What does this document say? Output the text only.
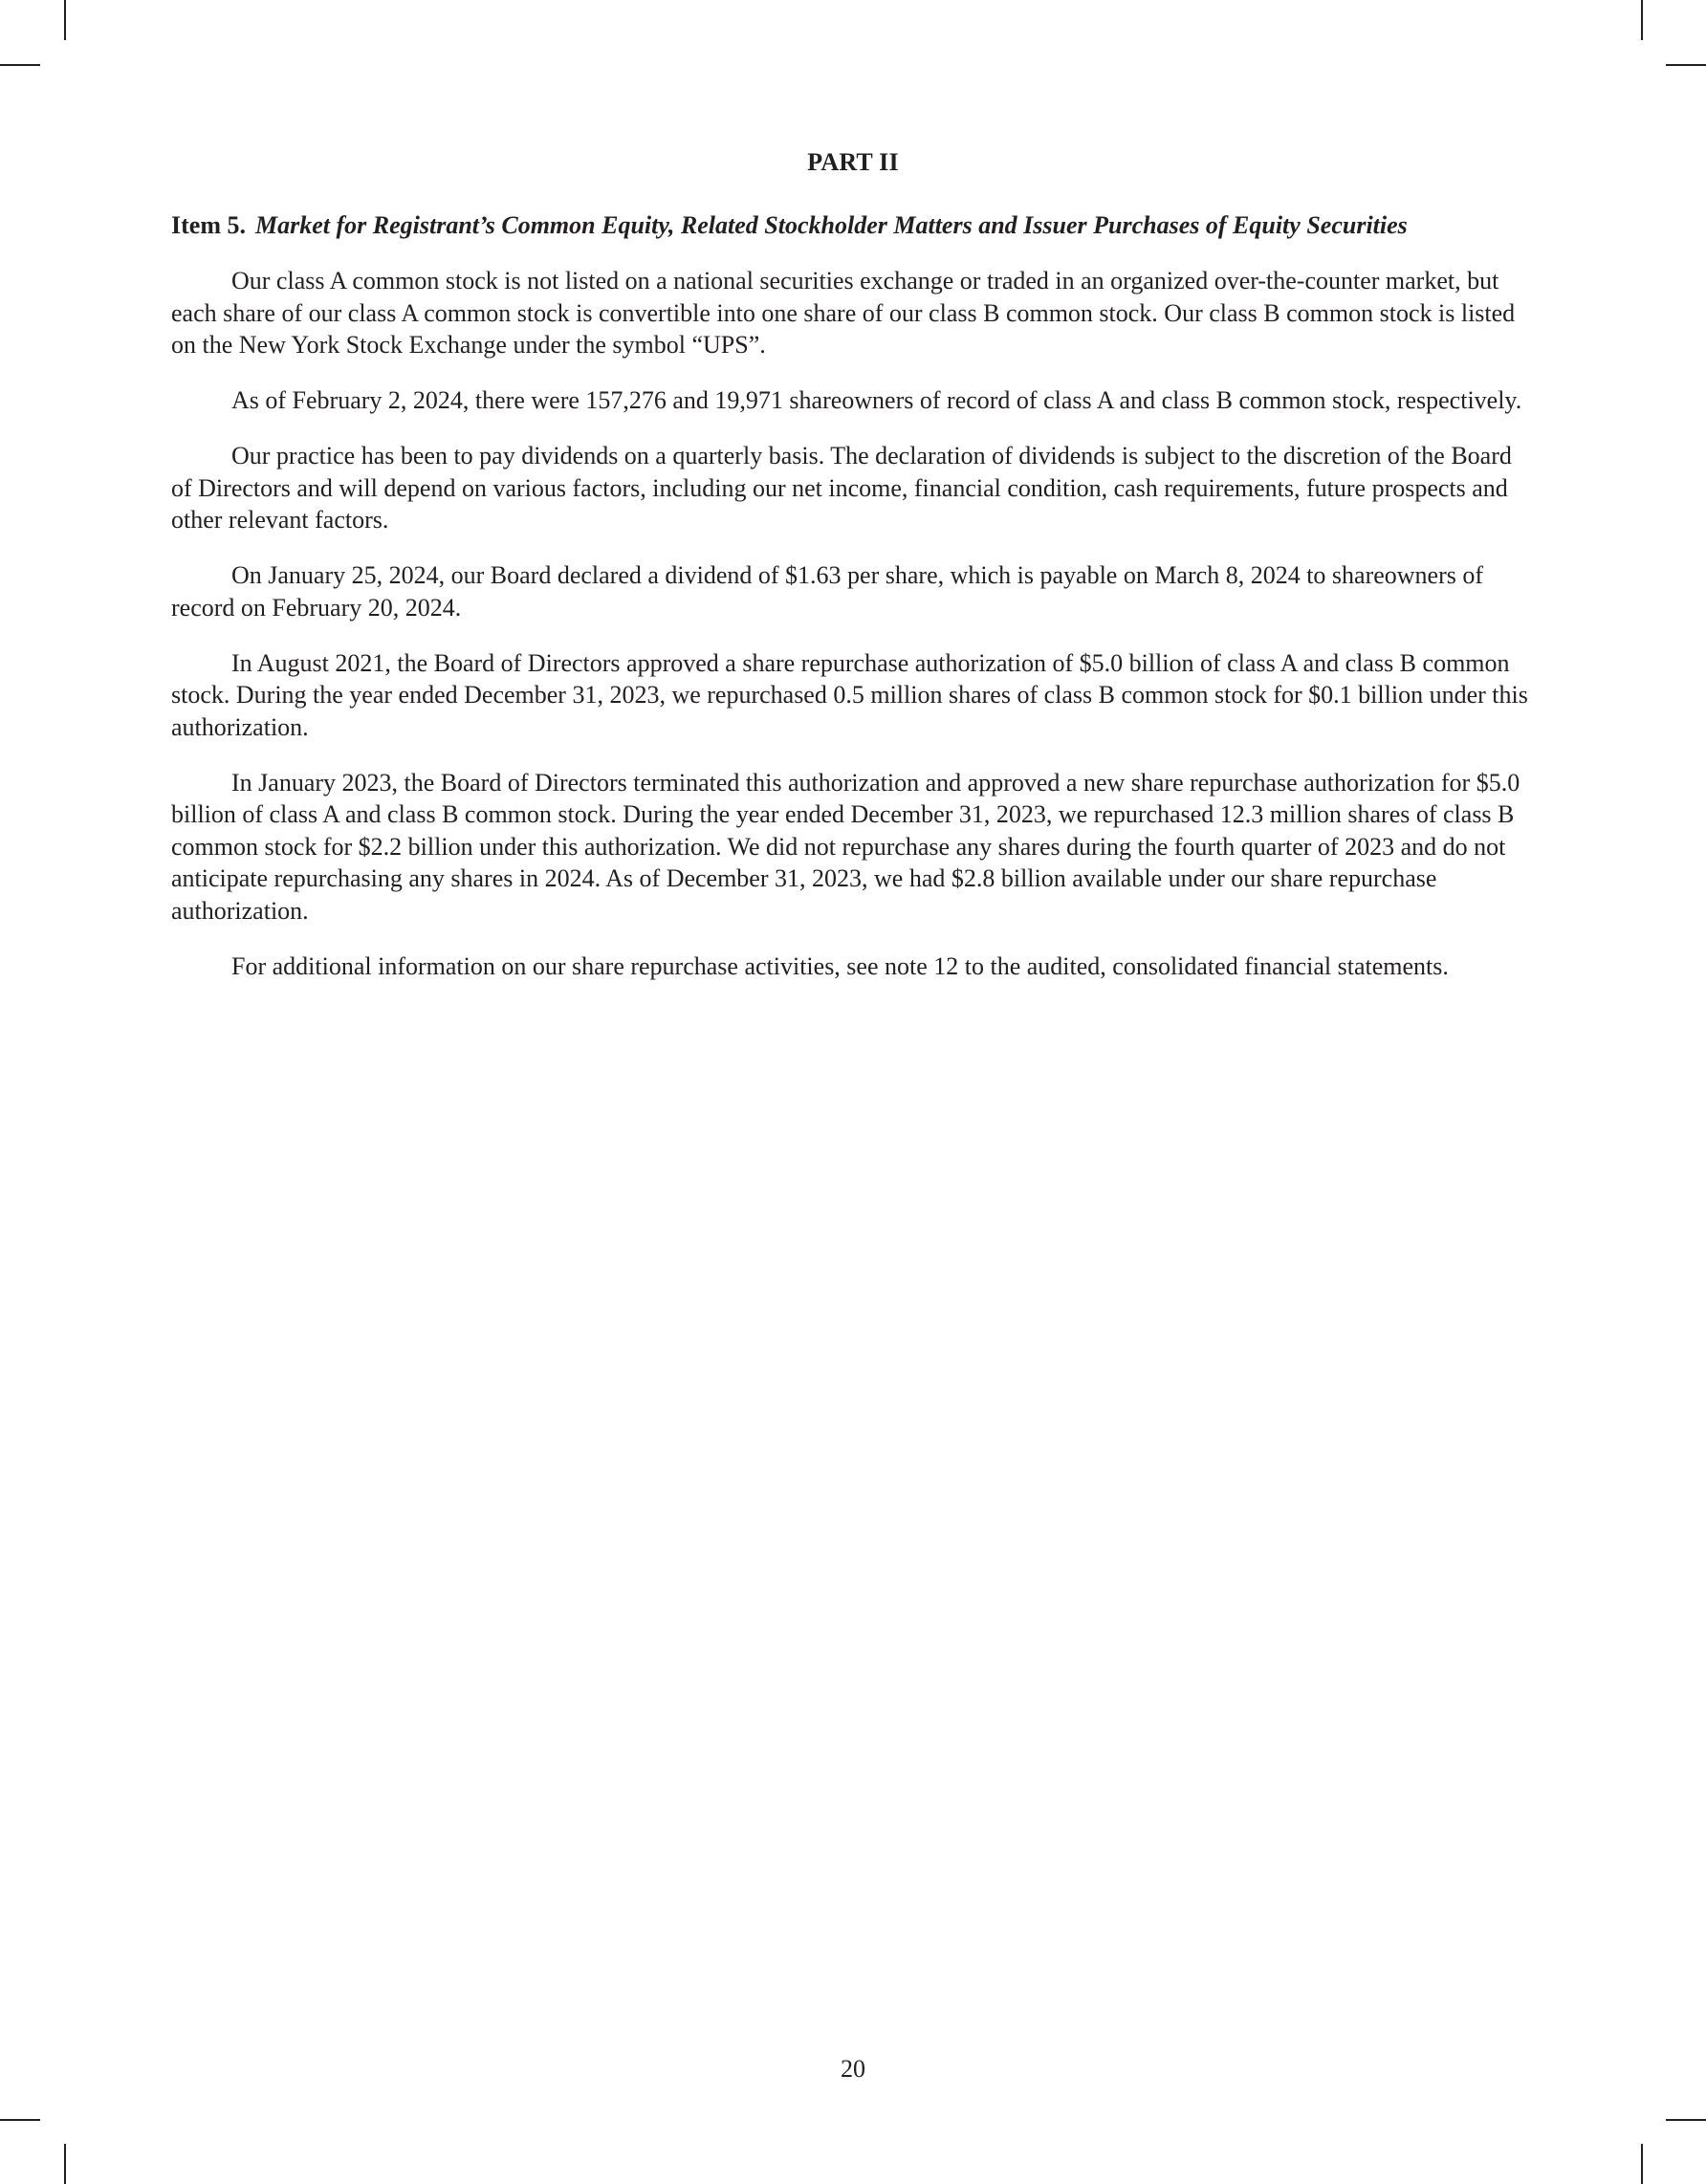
PART II
Item 5. Market for Registrant’s Common Equity, Related Stockholder Matters and Issuer Purchases of Equity Securities

Our class A common stock is not listed on a national securities exchange or traded in an organized over-the-counter market, but each share of our class A common stock is convertible into one share of our class B common stock. Our class B common stock is listed on the New York Stock Exchange under the symbol “UPS”.

As of February 2, 2024, there were 157,276 and 19,971 shareowners of record of class A and class B common stock, respectively.

Our practice has been to pay dividends on a quarterly basis. The declaration of dividends is subject to the discretion of the Board of Directors and will depend on various factors, including our net income, financial condition, cash requirements, future prospects and other relevant factors.

On January 25, 2024, our Board declared a dividend of $1.63 per share, which is payable on March 8, 2024 to shareowners of record on February 20, 2024.

In August 2021, the Board of Directors approved a share repurchase authorization of $5.0 billion of class A and class B common stock. During the year ended December 31, 2023, we repurchased 0.5 million shares of class B common stock for $0.1 billion under this authorization.

In January 2023, the Board of Directors terminated this authorization and approved a new share repurchase authorization for $5.0 billion of class A and class B common stock. During the year ended December 31, 2023, we repurchased 12.3 million shares of class B common stock for $2.2 billion under this authorization. We did not repurchase any shares during the fourth quarter of 2023 and do not anticipate repurchasing any shares in 2024. As of December 31, 2023, we had $2.8 billion available under our share repurchase authorization.

For additional information on our share repurchase activities, see note 12 to the audited, consolidated financial statements.

20
